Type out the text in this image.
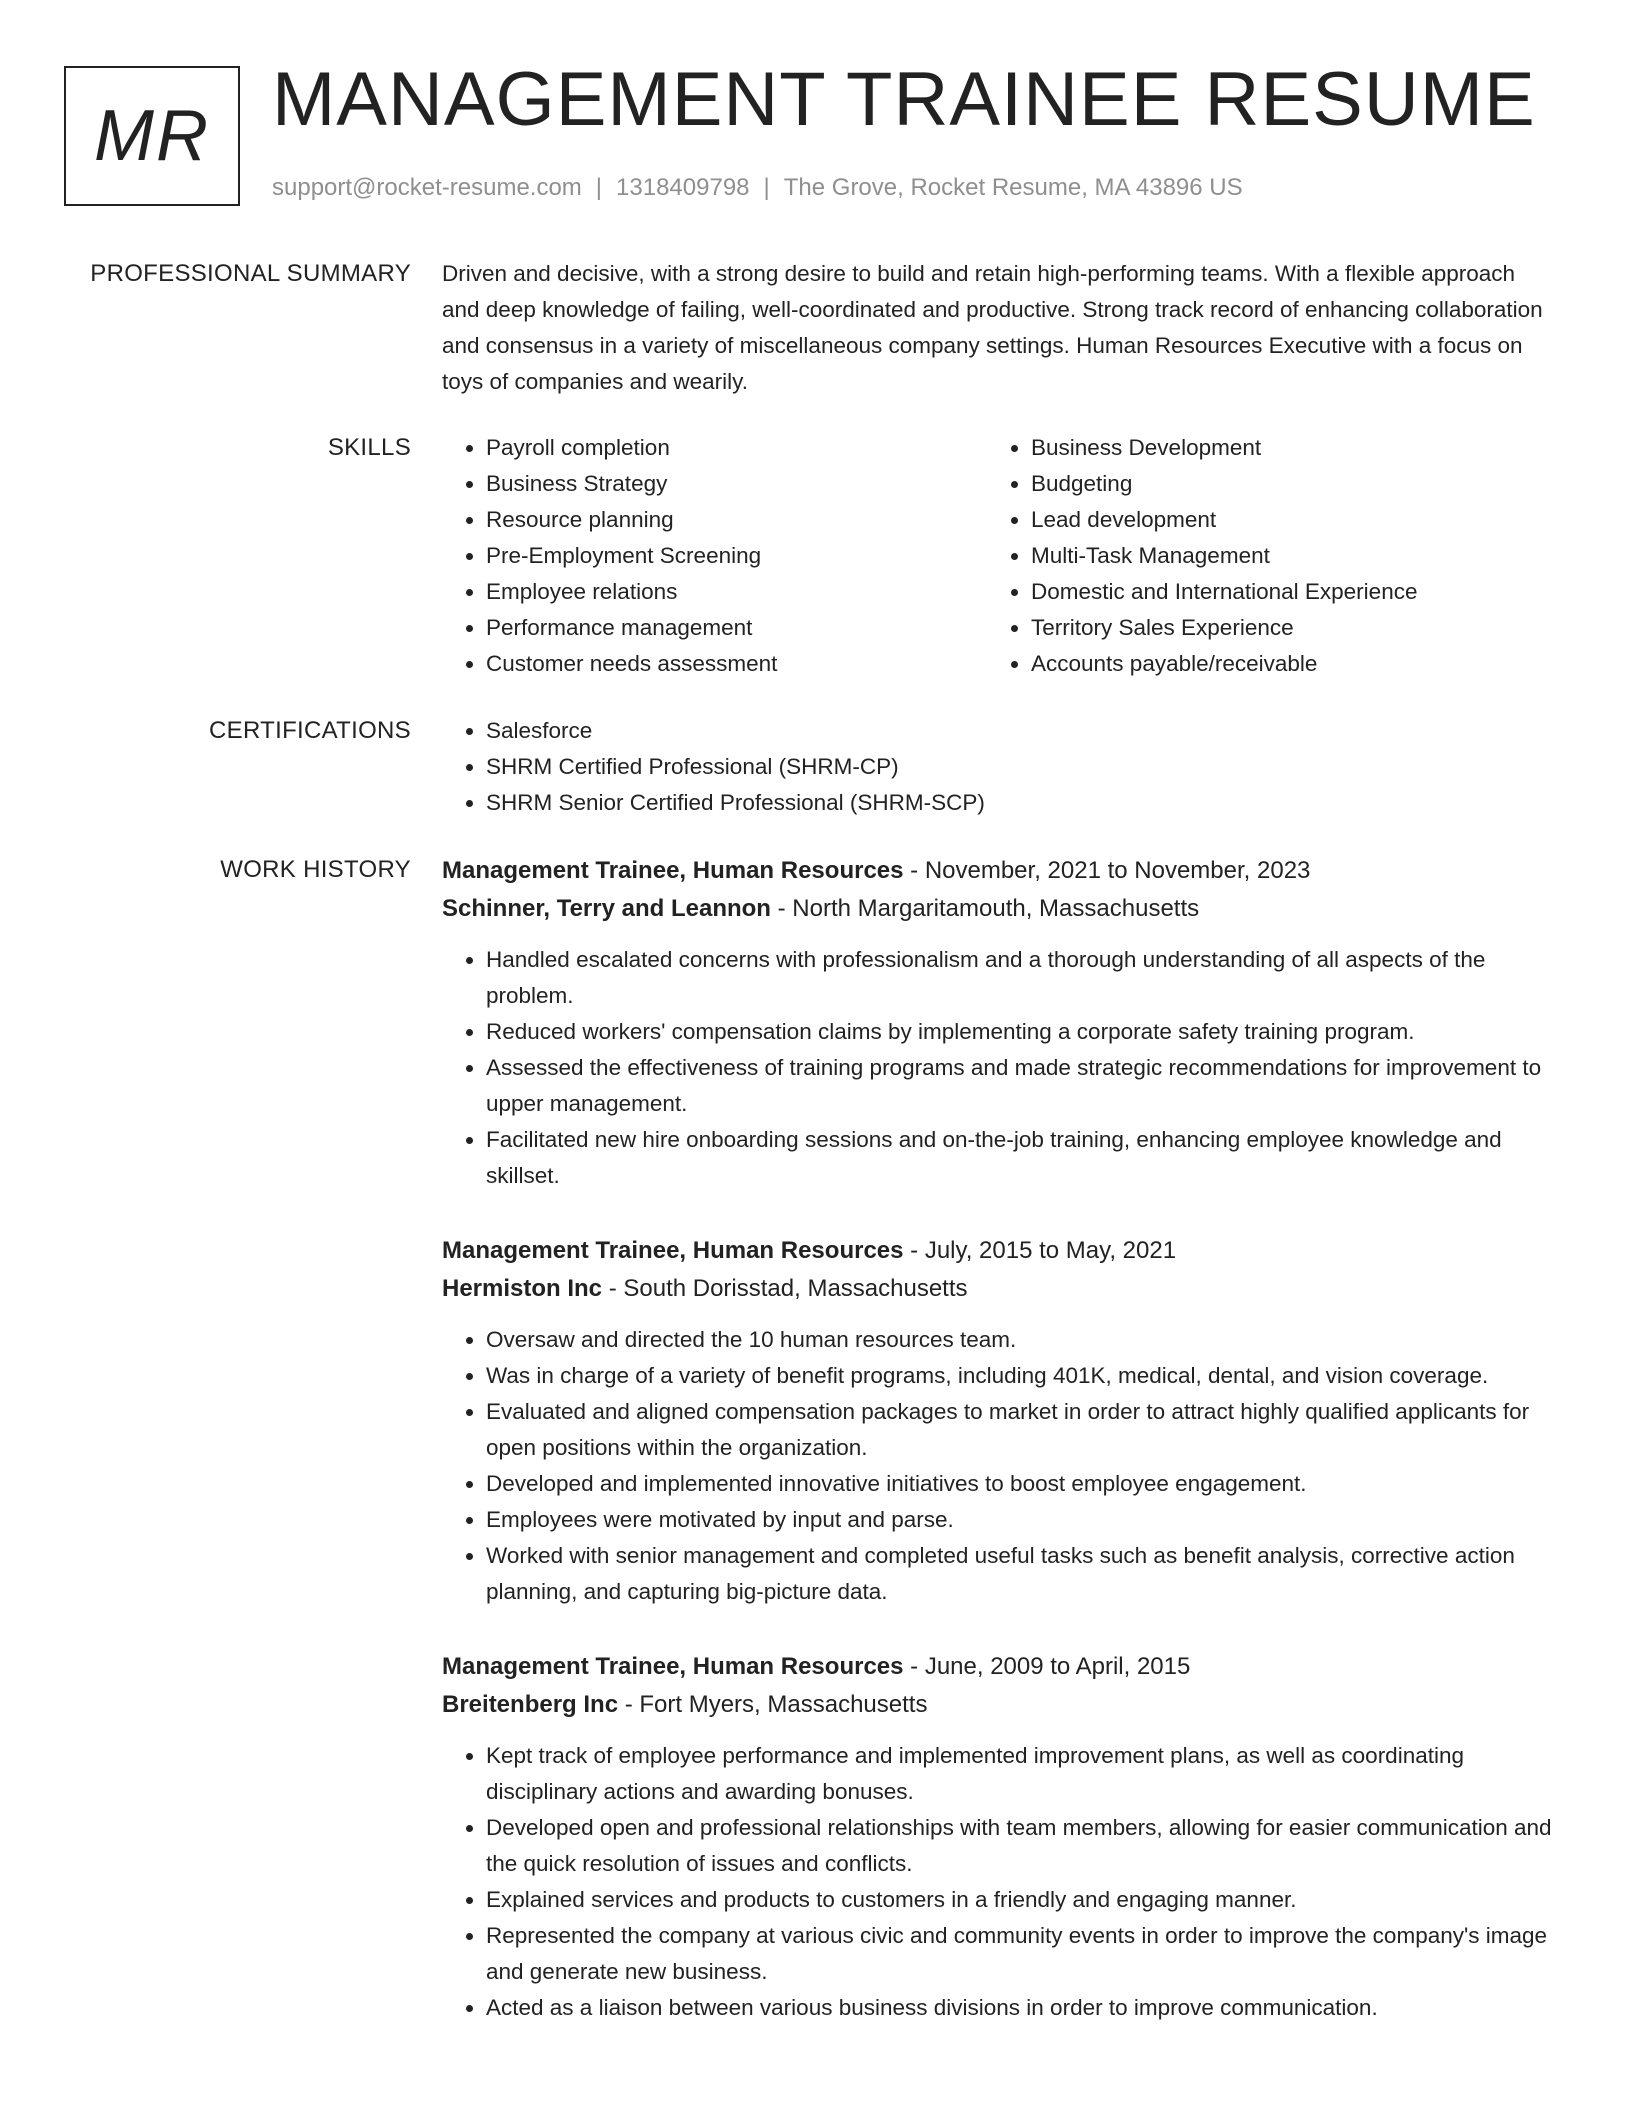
MR MANAGEMENT TRAINEE RESUME
support@rocket-resume.com | 1318409798 | The Grove, Rocket Resume, MA 43896 US
PROFESSIONAL SUMMARY Driven and decisive, with a strong desire to build and retain high-performing teams. With a flexible approach and deep knowledge of failing, well-coordinated and productive. Strong track record of enhancing collaboration and consensus in a variety of miscellaneous company settings. Human Resources Executive with a focus on toys of companies and wearily.

SKILLS	• Payroll completion
• Business Strategy
• Resource planning
• Pre-Employment Screening
• Employee relations
• Performance management
• Customer needs assessment
• Business Development
• Budgeting
• Lead development
• Multi-Task Management
• Domestic and International Experience
• Territory Sales Experience
• Accounts payable/receivable
CERTIFICATIONS	• Salesforce
• SHRM Certified Professional (SHRM-CP)
• SHRM Senior Certified Professional (SHRM-SCP)
WORK HISTORY Management Trainee, Human Resources - November, 2021 to November, 2023
Schinner, Terry and Leannon - North Margaritamouth, Massachusetts
• Handled escalated concerns with professionalism and a thorough understanding of all aspects of the problem.
• Reduced workers' compensation claims by implementing a corporate safety training program.
• Assessed the effectiveness of training programs and made strategic recommendations for improvement to upper management.
• Facilitated new hire onboarding sessions and on-the-job training, enhancing employee knowledge and skillset.
Management Trainee, Human Resources - July, 2015 to May, 2021
Hermiston Inc - South Dorisstad, Massachusetts
• Oversaw and directed the 10 human resources team.
• Was in charge of a variety of benefit programs, including 401K, medical, dental, and vision coverage.
• Evaluated and aligned compensation packages to market in order to attract highly qualified applicants for open positions within the organization.
• Developed and implemented innovative initiatives to boost employee engagement.
• Employees were motivated by input and parse.
• Worked with senior management and completed useful tasks such as benefit analysis, corrective action planning, and capturing big-picture data.
Management Trainee, Human Resources - June, 2009 to April, 2015
Breitenberg Inc - Fort Myers, Massachusetts
• Kept track of employee performance and implemented improvement plans, as well as coordinating disciplinary actions and awarding bonuses.
• Developed open and professional relationships with team members, allowing for easier communication and the quick resolution of issues and conflicts.
• Explained services and products to customers in a friendly and engaging manner.
• Represented the company at various civic and community events in order to improve the company's image and generate new business.
• Acted as a liaison between various business divisions in order to improve communication.
